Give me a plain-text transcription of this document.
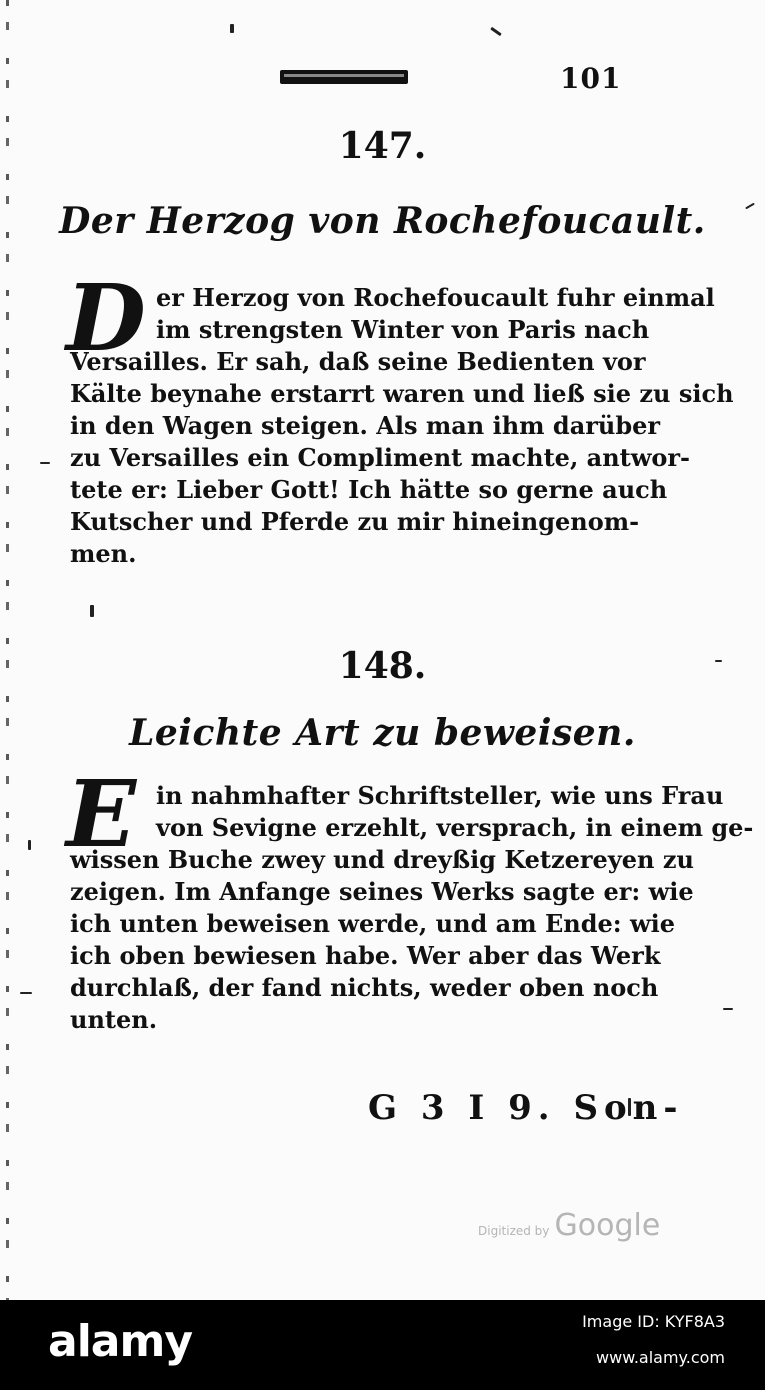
101
147.
Der Herzog von Rochefoucault.
D er Herzog von Rochefoucault fuhr einmal
im strengsten Winter von Paris nach
Versailles. Er sah, daß seine Bedienten vor
Kälte beynahe erstarrt waren und ließ sie zu sich
in den Wagen steigen. Als man ihm darüber
zu Versailles ein Compliment machte, antwor-
tete er: Lieber Gott! Ich hätte so gerne auch
Kutscher und Pferde zu mir hineingenom-
men.
148.
Leichte Art zu beweisen.
E in nahmhafter Schriftsteller, wie uns Frau
von Sevigne erzehlt, versprach, in einem ge-
wissen Buche zwey und dreyßig Ketzereyen zu
zeigen. Im Anfange seines Werks sagte er: wie
ich unten beweisen werde, und am Ende: wie
ich oben bewiesen habe. Wer aber das Werk
durchlaß, der fand nichts, weder oben noch
unten.
G 3 I 9. Son-
Digitized by Google
alamy	Image ID: KYF8A3
www.alamy.com
